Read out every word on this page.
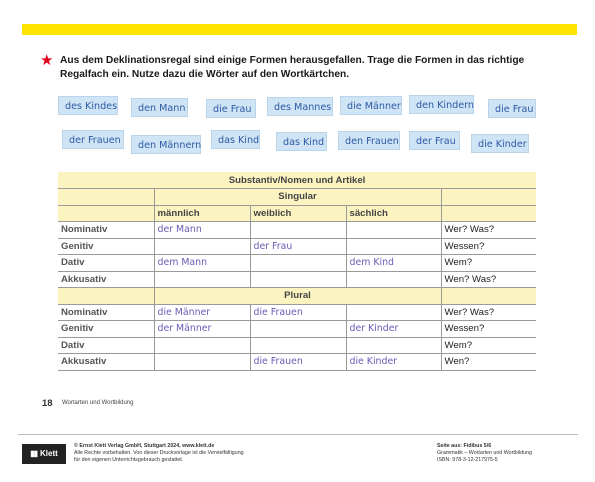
★ Aus dem Deklinationsregal sind einige Formen herausgefallen. Trage die Formen in das richtige Regalfach ein. Nutze dazu die Wörter auf den Wortkärtchen.
des Kindes	den Mann	die Frau	des Mannes	die Männer	den Kindern	die Frau
der Frauen	den Männern	das Kind	das Kind	den Frauen	der Frau	die Kinder
Substantiv/Nomen und Artikel				
	Singular			
	männlich	weiblich	sächlich	
Nominativ	der Mann			Wer? Was?
Genitiv		der Frau		Wessen?
Dativ	dem Mann		dem Kind	Wem?
Akkusativ				Wen? Was?
	Plural			
Nominativ	die Männer	die Frauen		Wer? Was?
Genitiv	der Männer		der Kinder	Wessen?
Dativ				Wem?
Akkusativ		die Frauen	die Kinder	Wen?
18 Wortarten und Wortbildung
▮▮ Klett
© Ernst Klett Verlag GmbH, Stuttgart 2024, www.klett.de
Alle Rechte vorbehalten. Von dieser Druckvorlage ist die Vervielfältigung
für den eigenen Unterrichtsgebrauch gestattet.
Seite aus: Fidibus 5/6
Grammatik – Wortarten und Wortbildung
ISBN: 978-3-12-217975-5
